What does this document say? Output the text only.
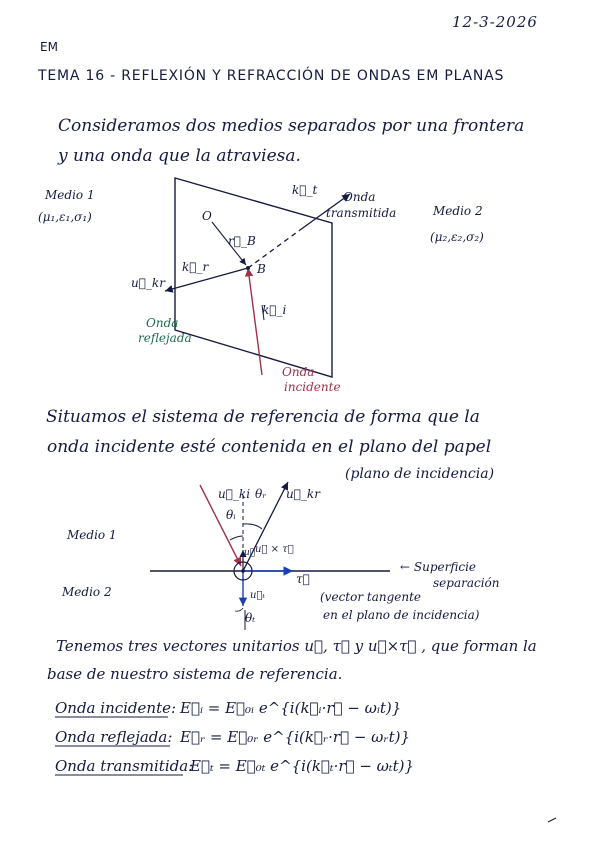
12-3-2026
EM
TEMA 16 - REFLEXIÓN Y REFRACCIÓN DE ONDAS EM PLANAS
Consideramos dos medios separados por una frontera
y una onda que la atraviesa.
Medio 1
(μ₁,ε₁,σ₁)	Medio 2
(μ₂,ε₂,σ₂)
O
B
r⃗_B
k⃗_r
k⃗_i
k⃗_t
u⃗_kr
Onda
transmitida
Onda
reflejada
Onda
incidente
Situamos el sistema de referencia de forma que la
onda incidente esté contenida en el plano del papel
(plano de incidencia)
u⃗_ki	u⃗_kr
θᵢ
θᵣ
θₜ
u⃗ u⃗ × τ⃗
τ⃗
u⃗ₜ
Medio 1
Medio 2
← Superficie
separación
(vector tangente
en el plano de incidencia)
Tenemos tres vectores unitarios u⃗, τ⃗ y u⃗×τ⃗ , que forman la
base de nuestro sistema de referencia.
Onda incidente: E⃗ᵢ = E⃗₀ᵢ e^{i(k⃗ᵢ·r⃗ − ωᵢt)}
Onda reflejada: E⃗ᵣ = E⃗₀ᵣ e^{i(k⃗ᵣ·r⃗ − ωᵣt)}
Onda transmitida:
E⃗ₜ = E⃗₀ₜ e^{i(k⃗ₜ·r⃗ − ωₜt)}
